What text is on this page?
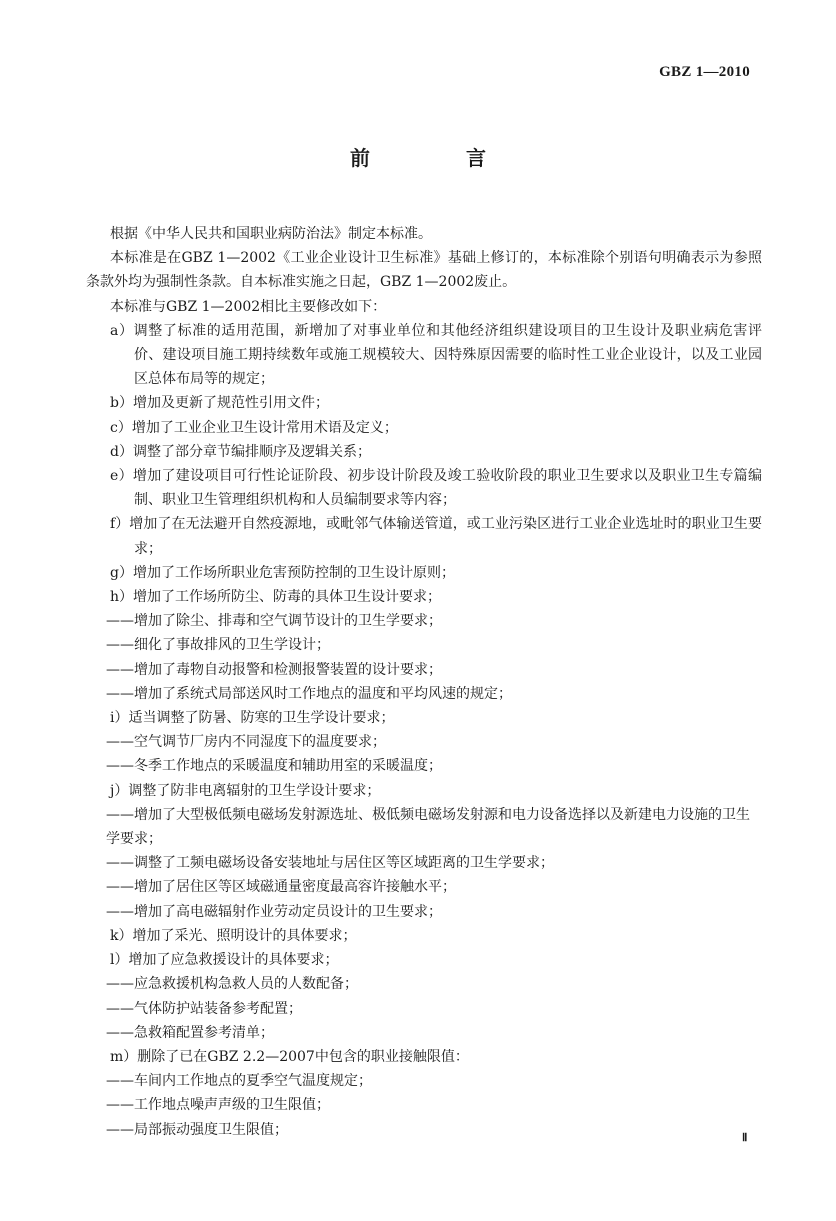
GBZ 1—2010
前　言
根据《中华人民共和国职业病防治法》制定本标准。
本标准是在GBZ 1—2002《工业企业设计卫生标准》基础上修订的，本标准除个别语句明确表示为参照条款外均为强制性条款。自本标准实施之日起，GBZ 1—2002废止。
本标准与GBZ 1—2002相比主要修改如下：
a）调整了标准的适用范围，新增加了对事业单位和其他经济组织建设项目的卫生设计及职业病危害评价、建设项目施工期持续数年或施工规模较大、因特殊原因需要的临时性工业企业设计，以及工业园区总体布局等的规定；
b）增加及更新了规范性引用文件；
c）增加了工业企业卫生设计常用术语及定义；
d）调整了部分章节编排顺序及逻辑关系；
e）增加了建设项目可行性论证阶段、初步设计阶段及竣工验收阶段的职业卫生要求以及职业卫生专篇编制、职业卫生管理组织机构和人员编制要求等内容；
f）增加了在无法避开自然疫源地，或毗邻气体输送管道，或工业污染区进行工业企业选址时的职业卫生要求；
g）增加了工作场所职业危害预防控制的卫生设计原则；
h）增加了工作场所防尘、防毒的具体卫生设计要求；
——增加了除尘、排毒和空气调节设计的卫生学要求；
——细化了事故排风的卫生学设计；
——增加了毒物自动报警和检测报警装置的设计要求；
——增加了系统式局部送风时工作地点的温度和平均风速的规定；
i）适当调整了防暑、防寒的卫生学设计要求；
——空气调节厂房内不同湿度下的温度要求；
——冬季工作地点的采暖温度和辅助用室的采暖温度；
j）调整了防非电离辐射的卫生学设计要求；
——增加了大型极低频电磁场发射源选址、极低频电磁场发射源和电力设备选择以及新建电力设施的卫生学要求；
——调整了工频电磁场设备安装地址与居住区等区域距离的卫生学要求；
——增加了居住区等区域磁通量密度最高容许接触水平；
——增加了高电磁辐射作业劳动定员设计的卫生要求；
k）增加了采光、照明设计的具体要求；
l）增加了应急救援设计的具体要求；
——应急救援机构急救人员的人数配备；
——气体防护站装备参考配置；
——急救箱配置参考清单；
m）删除了已在GBZ 2.2—2007中包含的职业接触限值：
——车间内工作地点的夏季空气温度规定；
——工作地点噪声声级的卫生限值；
——局部振动强度卫生限值；
Ⅱ
